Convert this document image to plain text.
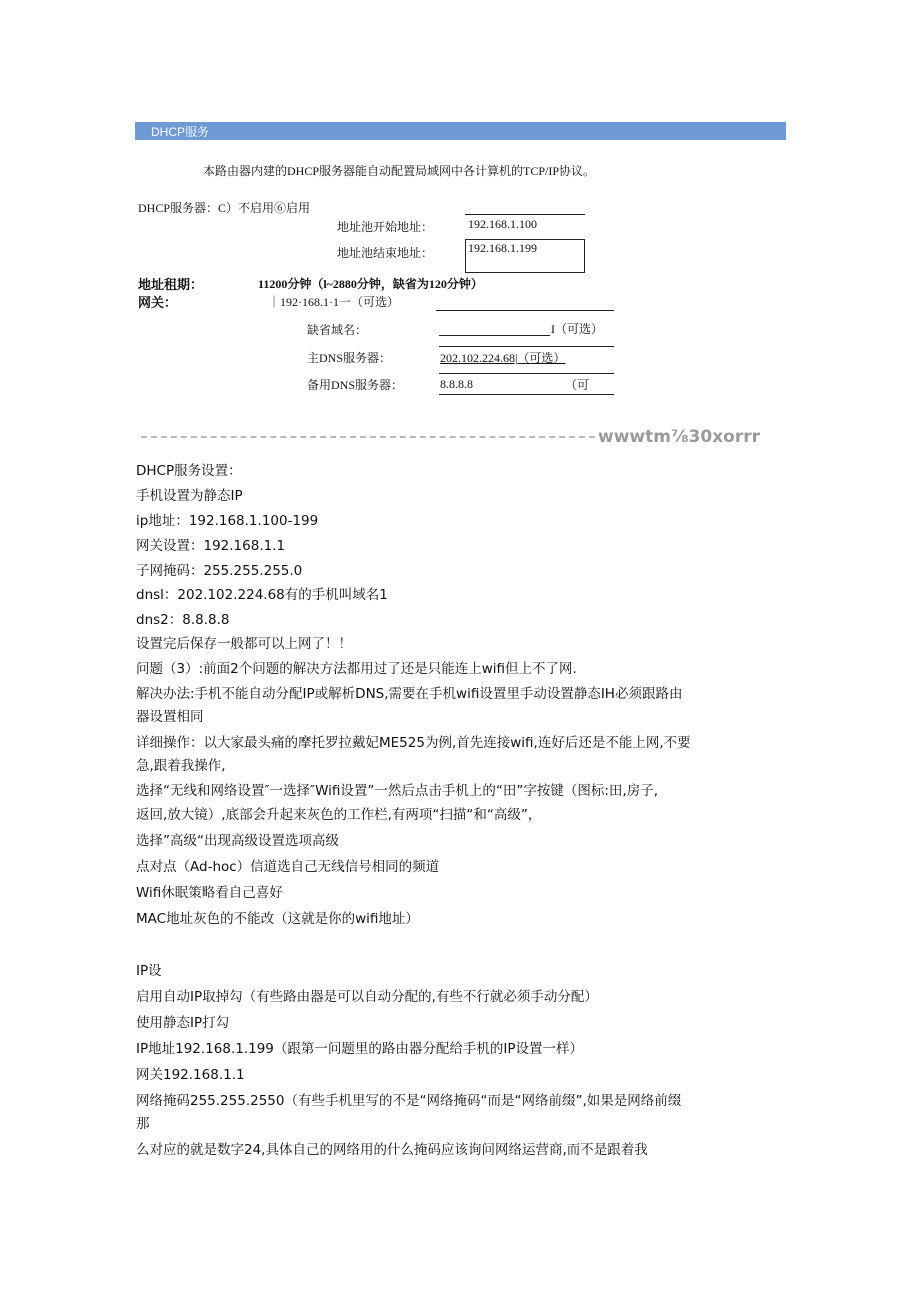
DHCP服务
本路由器内建的DHCP服务器能自动配置局域网中各计算机的TCP/IP协议。
DHCP服务器：C）不启用⑥启用
地址池开始地址：	192.168.1.100
地址池结束地址：	192.168.1.199
地址租期：	11200分钟（l~2880分钟，缺省为120分钟）
网关：	｜192·168.1·1一（可选）
缺省域名：	I（可选）
主DNS服务器：	202.102.224.68|（可选）
备用DNS服务器：	8.8.8.8	（可
wwwtm⅞30xorrr
DHCP服务设置：
手机设置为静态IP
ip地址：192.168.1.100-199
网关设置：192.168.1.1
子网掩码：255.255.255.0
dnsl：202.102.224.68有的手机叫域名1
dns2：8.8.8.8
设置完后保存一般都可以上网了！！
问题（3）:前面2个问题的解决方法都用过了还是只能连上wifi但上不了网.
解决办法:手机不能自动分配IP或解析DNS,需要在手机wifi设置里手动设置静态IH必须跟路由
器设置相同
详细操作：以大家最头痛的摩托罗拉戴妃ME525为例,首先连接wifi,连好后还是不能上网,不要
急,跟着我操作,
选择“无线和网络设置″一选择″Wifi设置”一然后点击手机上的“田”字按键（图标:田,房子,
返回,放大镜）,底部会升起来灰色的工作栏,有两项“扫描“和“高级”，
选择”高级“出现高级设置选项高级
点对点（Ad-hoc）信道选自己无线信号相同的频道
Wifi休眠策略看自己喜好
MAC地址灰色的不能改（这就是你的wifi地址）
IP设
启用自动IP取掉勾（有些路由器是可以自动分配的,有些不行就必须手动分配）
使用静态IP打勾
IP地址192.168.1.199（跟第一问题里的路由器分配给手机的IP设置一样）
网关192.168.1.1
网络掩码255.255.2550（有些手机里写的不是“网络掩码“而是“网络前缀”,如果是网络前缀
那
么对应的就是数字24,具体自己的网络用的什么掩码应该询问网络运营商,而不是跟着我
